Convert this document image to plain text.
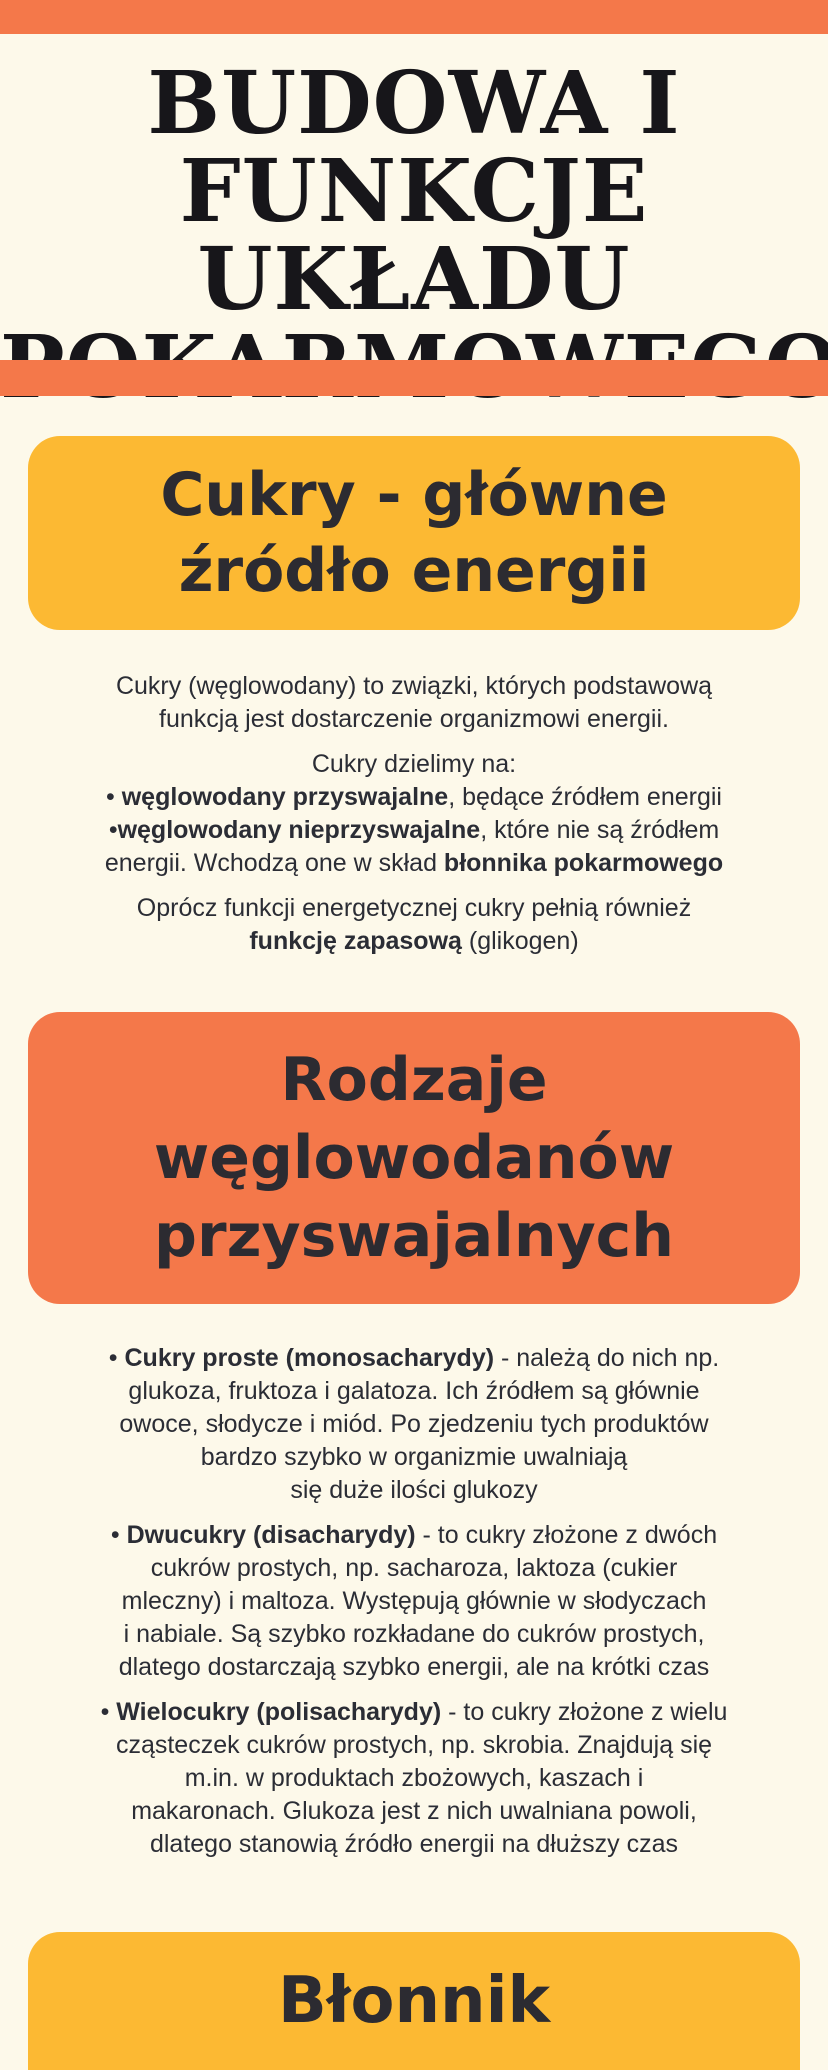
BUDOWA I FUNKCJE
UKŁADU
Cukry - główne
źródło energii

Cukry (węglowodany) to związki, których podstawową
funkcją jest dostarczenie organizmowi energii.

Cukry dzielimy na:
• węglowodany przyswajalne, będące źródłem energii
•węglowodany nieprzyswajalne, które nie są źródłem
energii. Wchodzą one w skład błonnika pokarmowego

Oprócz funkcji energetycznej cukry pełnią również
funkcję zapasową (glikogen)

Rodzaje
węglowodanów
przyswajalnych

• Cukry proste (monosacharydy) - należą do nich np.
glukoza, fruktoza i galatoza. Ich źródłem są głównie
owoce, słodycze i miód. Po zjedzeniu tych produktów
bardzo szybko w organizmie uwalniają
się duże ilości glukozy

• Dwucukry (disacharydy) - to cukry złożone z dwóch
cukrów prostych, np. sacharoza, laktoza (cukier
mleczny) i maltoza. Występują głównie w słodyczach
i nabiale. Są szybko rozkładane do cukrów prostych,
dlatego dostarczają szybko energii, ale na krótki czas

• Wielocukry (polisacharydy) - to cukry złożone z wielu
cząsteczek cukrów prostych, np. skrobia. Znajdują się
m.in. w produktach zbożowych, kaszach i
makaronach. Glukoza jest z nich uwalniana powoli,
dlatego stanowią źródło energii na dłuższy czas

Błonnik
